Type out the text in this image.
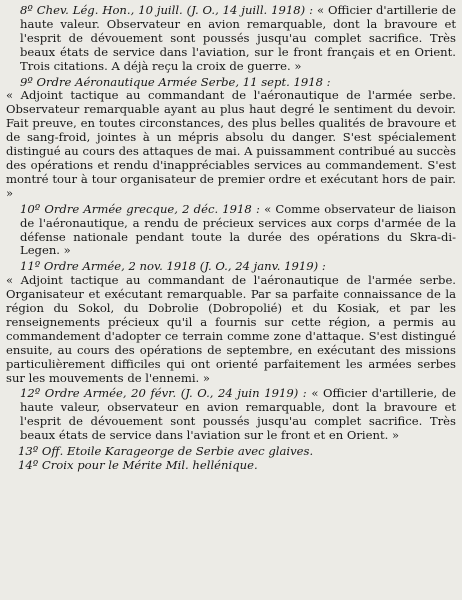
8º Chev. Lég. Hon., 10 juill. (J. O., 14 juill. 1918) : « Officier d'artillerie de haute valeur. Observateur en avion remarquable, dont la bravoure et l'esprit de dévouement sont poussés jusqu'au complet sacrifice. Très beaux états de service dans l'aviation, sur le front français et en Orient. Trois citations. A déjà reçu la croix de guerre. »

9º Ordre Aéronautique Armée Serbe, 11 sept. 1918 :

« Adjoint tactique au commandant de l'aéronautique de l'armée serbe. Observateur remarquable ayant au plus haut degré le sentiment du devoir. Fait preuve, en toutes circonstances, des plus belles qualités de bravoure et de sang-froid, jointes à un mépris absolu du danger. S'est spécialement distingué au cours des attaques de mai. A puissamment contribué au succès des opérations et rendu d'inappréciables services au commandement. S'est montré tour à tour organisateur de premier ordre et exécutant hors de pair. »

10º Ordre Armée grecque, 2 déc. 1918 : « Comme observateur de liaison de l'aéronautique, a rendu de précieux services aux corps d'armée de la défense nationale pendant toute la durée des opérations du Skra-di-Legen. »

11º Ordre Armée, 2 nov. 1918 (J. O., 24 janv. 1919) :

« Adjoint tactique au commandant de l'aéronautique de l'armée serbe. Organisateur et exécutant remarquable. Par sa parfaite connaissance de la région du Sokol, du Dobrolie (Dobropolié) et du Kosiak, et par les renseignements précieux qu'il a fournis sur cette région, a permis au commandement d'adopter ce terrain comme zone d'attaque. S'est distingué ensuite, au cours des opérations de septembre, en exécutant des missions particulièrement difficiles qui ont orienté parfaitement les armées serbes sur les mouvements de l'ennemi. »

12º Ordre Armée, 20 févr. (J. O., 24 juin 1919) : « Officier d'artillerie, de haute valeur, observateur en avion remarquable, dont la bravoure et l'esprit de dévouement sont poussés jusqu'au complet sacrifice. Très beaux états de service dans l'aviation sur le front et en Orient. »

13º Off. Etoile Karageorge de Serbie avec glaives.

14º Croix pour le Mérite Mil. hellénique.
